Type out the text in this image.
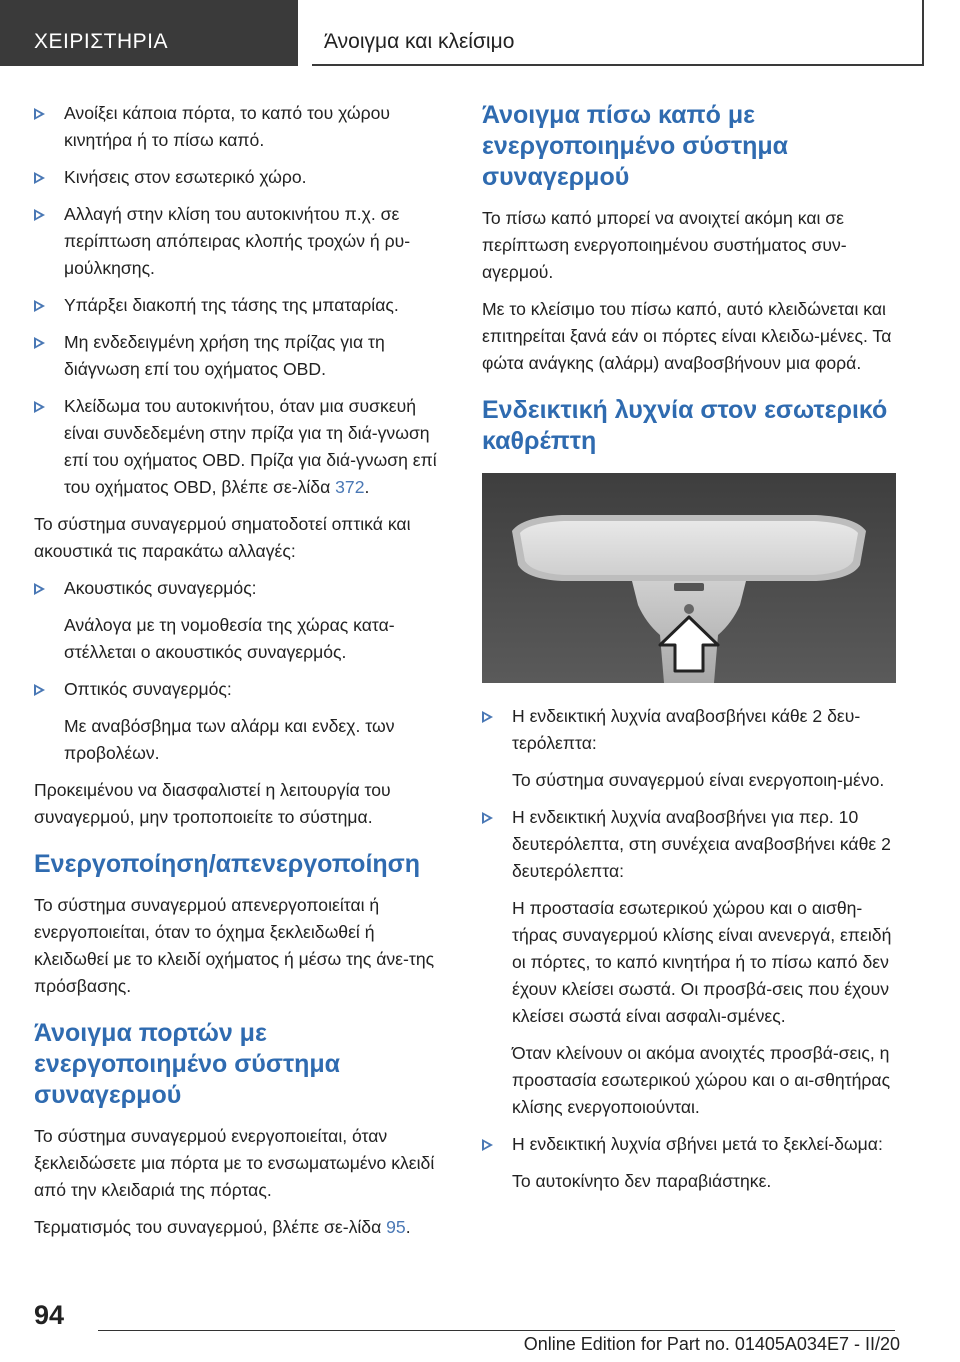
ΧΕΙΡΙΣΤΗΡΙΑ	Άνοιγμα και κλείσιμο
Ανοίξει κάποια πόρτα, το καπό του χώρου κινητήρα ή το πίσω καπό.
Κινήσεις στον εσωτερικό χώρο.
Αλλαγή στην κλίση του αυτοκινήτου π.χ. σε περίπτωση απόπειρας κλοπής τροχών ή ρυ‐μούλκησης.
Υπάρξει διακοπή της τάσης της μπαταρίας.
Μη ενδεδειγμένη χρήση της πρίζας για τη διάγνωση επί του οχήματος OBD.
Κλείδωμα του αυτοκινήτου, όταν μια συσκευή είναι συνδεδεμένη στην πρίζα για τη διά‐γνωση επί του οχήματος OBD. Πρίζα για διά‐γνωση επί του οχήματος OBD, βλέπε σε‐λίδα 372.

Το σύστημα συναγερμού σηματοδοτεί οπτικά και ακουστικά τις παρακάτω αλλαγές:

Ακουστικός συναγερμός:
Ανάλογα με τη νομοθεσία της χώρας κατα‐στέλλεται ο ακουστικός συναγερμός.
Οπτικός συναγερμός:
Με αναβόσβημα των αλάρμ και ενδεχ. των προβολέων.

Προκειμένου να διασφαλιστεί η λειτουργία του συναγερμού, μην τροποποιείτε το σύστημα.

Ενεργοποίηση/απενεργοποίηση

Το σύστημα συναγερμού απενεργοποιείται ή ενεργοποιείται, όταν το όχημα ξεκλειδωθεί ή κλειδωθεί με το κλειδί οχήματος ή μέσω της άνε‐της πρόσβασης.

Άνοιγμα πορτών με ενεργοποιημένο σύστημα συναγερμού

Το σύστημα συναγερμού ενεργοποιείται, όταν ξεκλειδώσετε μια πόρτα με το ενσωματωμένο κλειδί από την κλειδαριά της πόρτας.

Τερματισμός του συναγερμού, βλέπε σε‐λίδα 95.

Άνοιγμα πίσω καπό με ενεργοποιημένο σύστημα συναγερμού

Το πίσω καπό μπορεί να ανοιχτεί ακόμη και σε περίπτωση ενεργοποιημένου συστήματος συν‐αγερμού.

Με το κλείσιμο του πίσω καπό, αυτό κλειδώνεται και επιτηρείται ξανά εάν οι πόρτες είναι κλειδω‐μένες. Τα φώτα ανάγκης (αλάρμ) αναβοσβήνουν μια φορά.

Ενδεικτική λυχνία στον εσωτερικό καθρέπτη
Η ενδεικτική λυχνία αναβοσβήνει κάθε 2 δευ‐τερόλεπτα:
Το σύστημα συναγερμού είναι ενεργοποιη‐μένο.
Η ενδεικτική λυχνία αναβοσβήνει για περ. 10 δευτερόλεπτα, στη συνέχεια αναβοσβήνει κάθε 2 δευτερόλεπτα:
Η προστασία εσωτερικού χώρου και ο αισθη‐τήρας συναγερμού κλίσης είναι ανενεργά, επειδή οι πόρτες, το καπό κινητήρα ή το πίσω καπό δεν έχουν κλείσει σωστά. Οι προσβά‐σεις που έχουν κλείσει σωστά είναι ασφαλι‐σμένες.
Όταν κλείνουν οι ακόμα ανοιχτές προσβά‐σεις, η προστασία εσωτερικού χώρου και ο αι‐σθητήρας κλίσης ενεργοποιούνται.
Η ενδεικτική λυχνία σβήνει μετά το ξεκλεί‐δωμα:
Το αυτοκίνητο δεν παραβιάστηκε.
94
Online Edition for Part no. 01405A034E7 - II/20
